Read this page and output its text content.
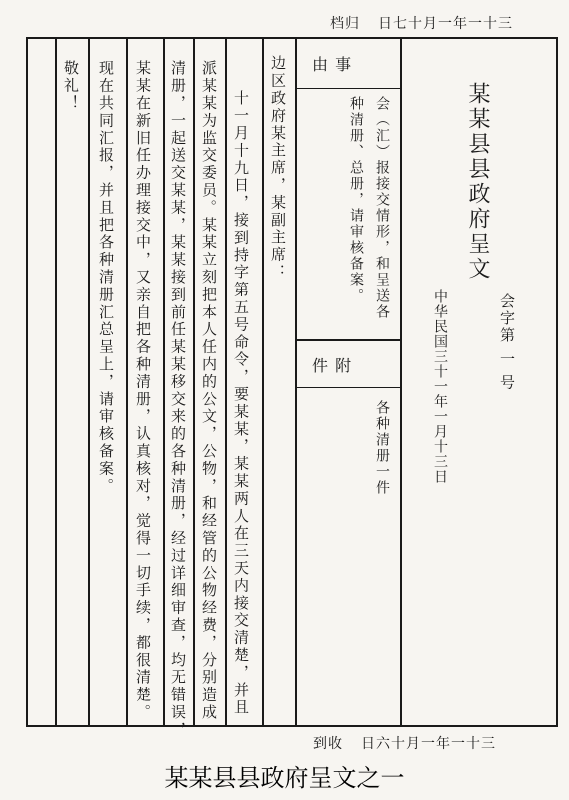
档归 日七十月一年一十三
由 事
种清册、总册，请审核备案。 会（汇）报接交情形，和呈送各
件 附
各种清册一件
某某县县政府呈文
会字第 一 号
中华民国三十一年一月十三日
边区政府某主席，某副主席：
十一月十九日，接到持字第五号命令，要某某，某某两人在三天内接交清楚，并且
派某某为监交委员。某某立刻把本人任内的公文，公物，和经管的公物经费，分别造成
清册，一起送交某某，某某接到前任某某移交来的各种清册，经过详细审查，均无错误，
某某在新旧任办理接交中，又亲自把各种清册，认真核对，觉得一切手续，都很清楚。
现在共同汇报，并且把各种清册汇总呈上，请审核备案。
敬礼！
到收 日六十月一年一十三
某某县县政府呈文之一
